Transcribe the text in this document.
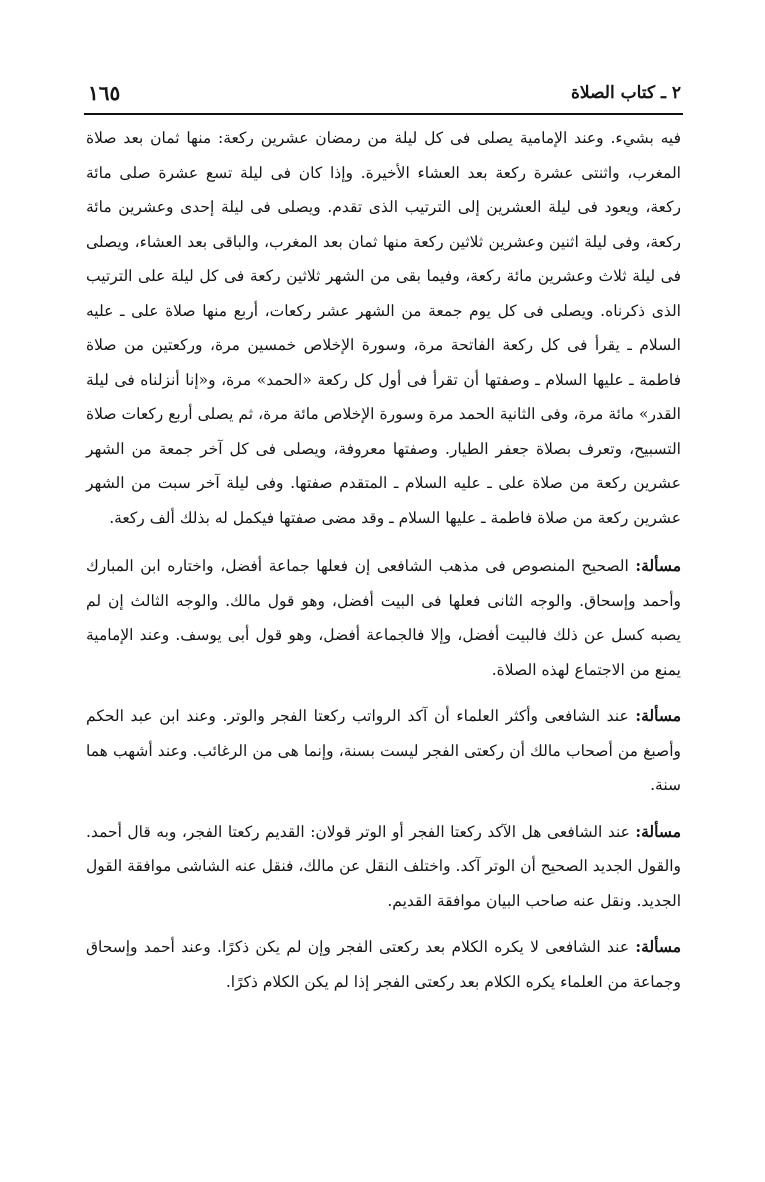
٢ ـ كتاب الصلاة
١٦٥

فيه بشيء. وعند الإمامية يصلى فى كل ليلة من رمضان عشرين ركعة: منها ثمان بعد صلاة المغرب، واثنتى عشرة ركعة بعد العشاء الأخيرة. وإذا كان فى ليلة تسع عشرة صلى مائة ركعة، ويعود فى ليلة العشرين إلى الترتيب الذى تقدم. ويصلى فى ليلة إحدى وعشرين مائة ركعة، وفى ليلة اثنين وعشرين ثلاثين ركعة منها ثمان بعد المغرب، والباقى بعد العشاء، ويصلى فى ليلة ثلاث وعشرين مائة ركعة، وفيما بقى من الشهر ثلاثين ركعة فى كل ليلة على الترتيب الذى ذكرناه. ويصلى فى كل يوم جمعة من الشهر عشر ركعات، أربع منها صلاة على ـ عليه السلام ـ يقرأ فى كل ركعة الفاتحة مرة، وسورة الإخلاص خمسين مرة، وركعتين من صلاة فاطمة ـ عليها السلام ـ وصفتها أن تقرأ فى أول كل ركعة «الحمد» مرة، و«إنا أنزلناه فى ليلة القدر» مائة مرة، وفى الثانية الحمد مرة وسورة الإخلاص مائة مرة، ثم يصلى أربع ركعات صلاة التسبيح، وتعرف بصلاة جعفر الطيار. وصفتها معروفة، ويصلى فى كل آخر جمعة من الشهر عشرين ركعة من صلاة على ـ عليه السلام ـ المتقدم صفتها. وفى ليلة آخر سبت من الشهر عشرين ركعة من صلاة فاطمة ـ عليها السلام ـ وقد مضى صفتها فيكمل له بذلك ألف ركعة.

مسألة: الصحيح المنصوص فى مذهب الشافعى إن فعلها جماعة أفضل، واختاره ابن المبارك وأحمد وإسحاق. والوجه الثانى فعلها فى البيت أفضل، وهو قول مالك. والوجه الثالث إن لم يصبه كسل عن ذلك فالبيت أفضل، وإلا فالجماعة أفضل، وهو قول أبى يوسف. وعند الإمامية يمنع من الاجتماع لهذه الصلاة.

مسألة: عند الشافعى وأكثر العلماء أن آكد الرواتب ركعتا الفجر والوتر. وعند ابن عبد الحكم وأصبغ من أصحاب مالك أن ركعتى الفجر ليست بسنة، وإنما هى من الرغائب. وعند أشهب هما سنة.

مسألة: عند الشافعى هل الآكد ركعتا الفجر أو الوتر قولان: القديم ركعتا الفجر، وبه قال أحمد. والقول الجديد الصحيح أن الوتر آكد. واختلف النقل عن مالك، فنقل عنه الشاشى موافقة القول الجديد. ونقل عنه صاحب البيان موافقة القديم.

مسألة: عند الشافعى لا يكره الكلام بعد ركعتى الفجر وإن لم يكن ذكرًا. وعند أحمد وإسحاق وجماعة من العلماء يكره الكلام بعد ركعتى الفجر إذا لم يكن الكلام ذكرًا.
